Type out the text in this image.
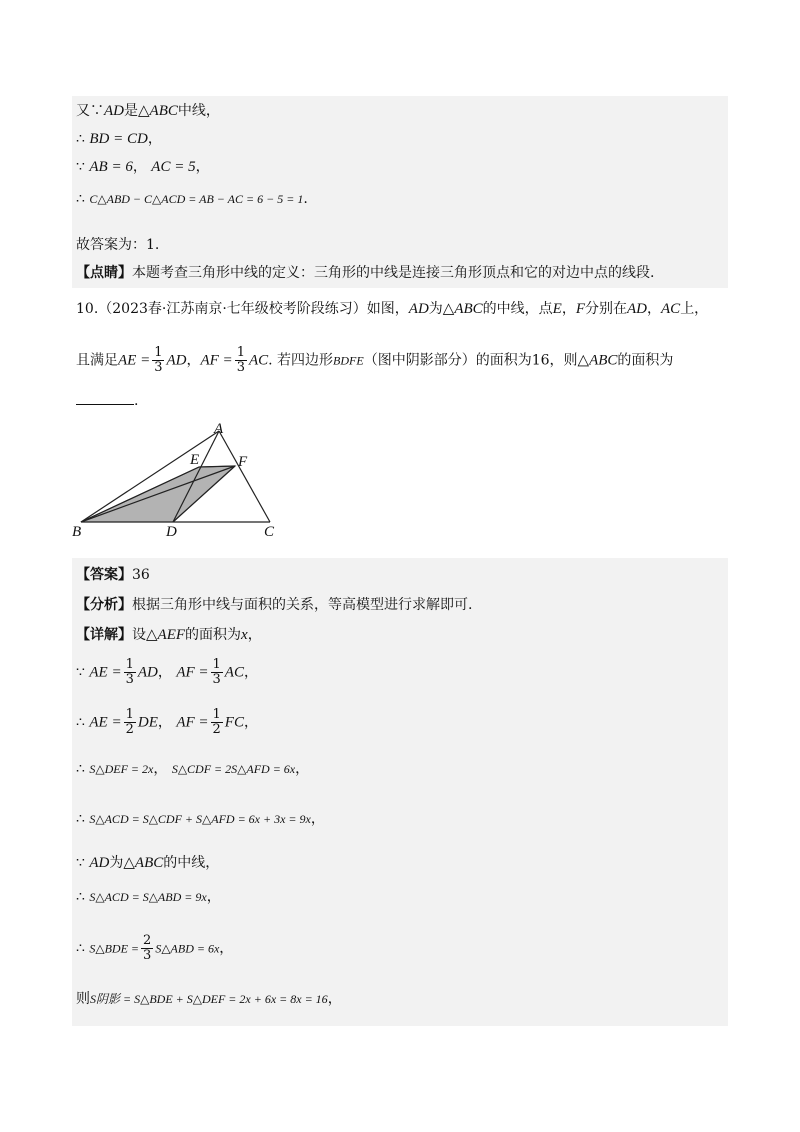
又∵AD是△ABC中线，
∴ BD = CD，
∵ AB = 6， AC = 5，
∴ C△ABD − C△ACD = AB − AC = 6 − 5 = 1.
故答案为：1.
【点睛】本题考查三角形中线的定义：三角形的中线是连接三角形顶点和它的对边中点的线段.
10.（2023春·江苏南京·七年级校考阶段练习）如图，AD为△ABC的中线，点E，F分别在AD，AC上，
且满足AE = $\frac{1}{3}$ AD，AF = $\frac{1}{3}$ AC. 若四边形BDFE（图中阴影部分）的面积为16，则△ABC的面积为
.
A
E	F
B	D	C
【答案】36
【分析】根据三角形中线与面积的关系，等高模型进行求解即可.
【详解】设△AEF的面积为x，
∵ AE = $\frac{1}{3}$ AD， AF = $\frac{1}{3}$ AC，
∴ AE = $\frac{1}{2}$ DE， AF = $\frac{1}{2}$ FC，
∴ S△DEF = 2x， S△CDF = 2S△AFD = 6x，
∴ S△ACD = S△CDF + S△AFD = 6x + 3x = 9x，
∵ AD为△ABC的中线，
∴ S△ACD = S△ABD = 9x，
∴ S△BDE = $\frac{2}{3}$ S△ABD = 6x，
则S阴影 = S△BDE + S△DEF = 2x + 6x = 8x = 16，
